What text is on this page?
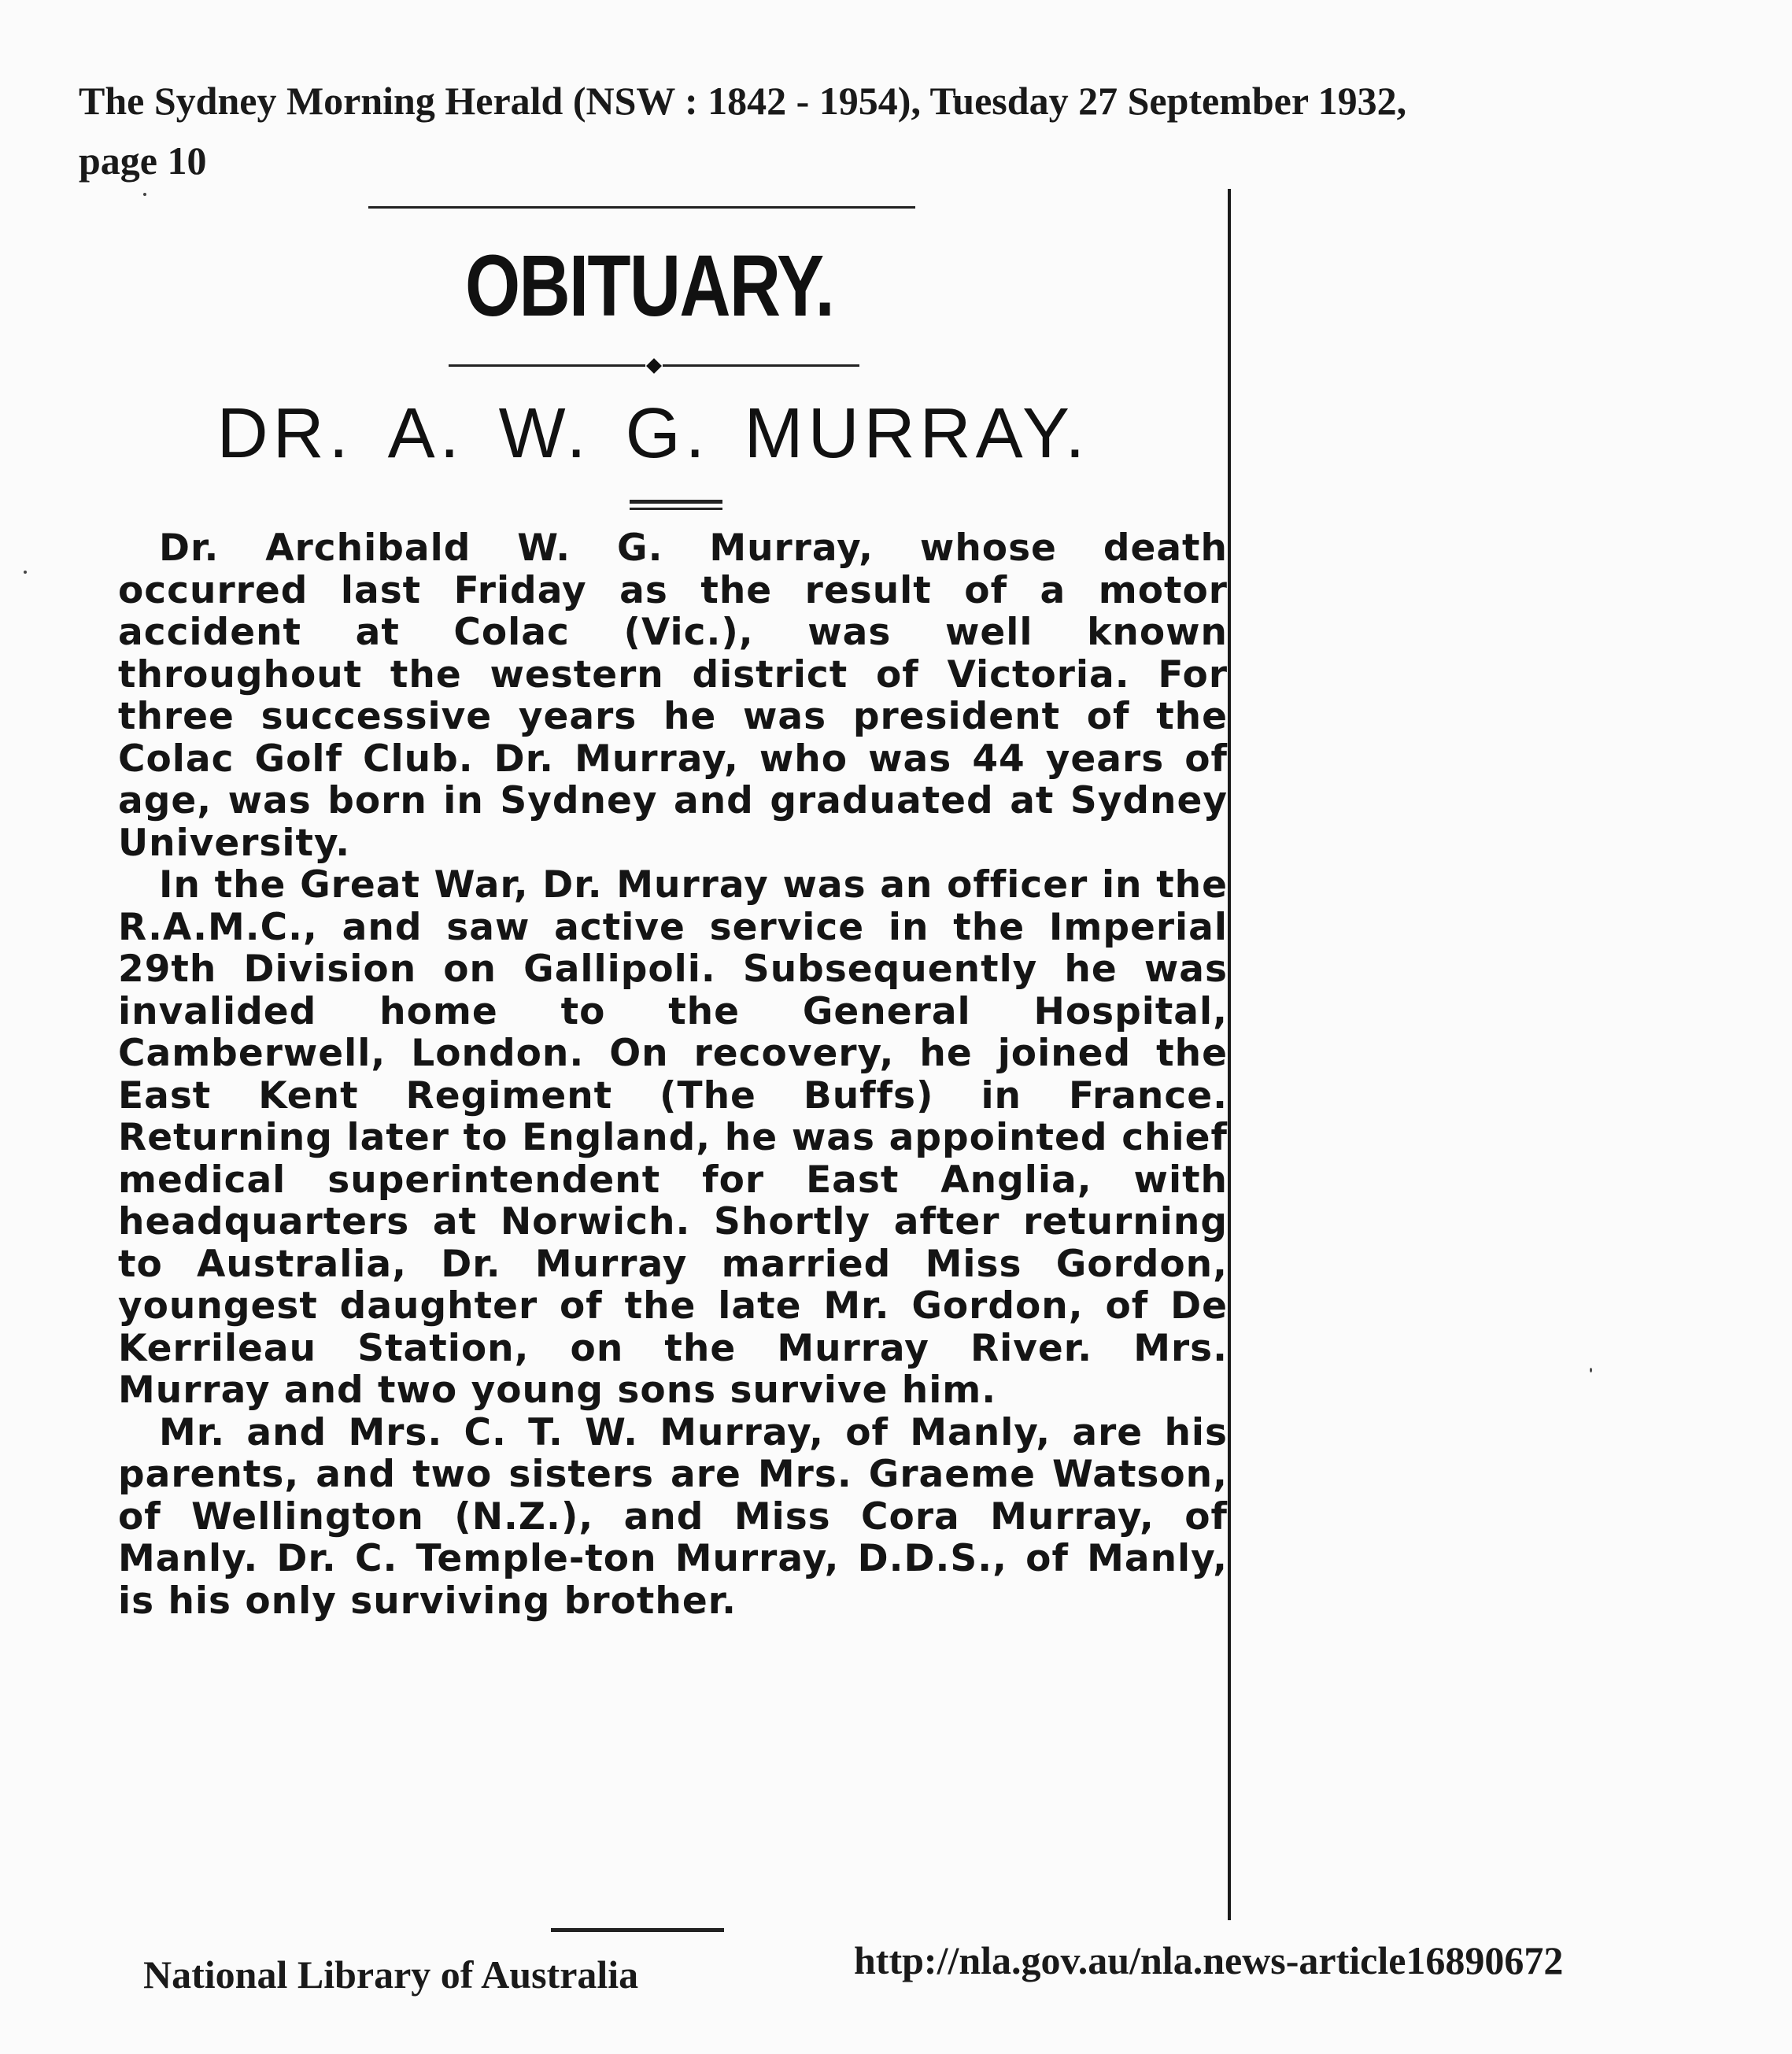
The Sydney Morning Herald (NSW : 1842 - 1954), Tuesday 27 September 1932,
page 10
OBITUARY.
DR. A. W. G. MURRAY.

Dr. Archibald W. G. Murray, whose death occurred last Friday as the result of a motor accident at Colac (Vic.), was well known throughout the western district of Victoria. For three successive years he was president of the Colac Golf Club. Dr. Murray, who was 44 years of age, was born in Sydney and graduated at Sydney University.

In the Great War, Dr. Murray was an officer in the R.A.M.C., and saw active service in the Imperial 29th Division on Gallipoli. Subsequently he was invalided home to the General Hospital, Camberwell, London. On recovery, he joined the East Kent Regiment (The Buffs) in France. Returning later to England, he was appointed chief medical superintendent for East Anglia, with headquarters at Norwich. Shortly after returning to Australia, Dr. Murray married Miss Gordon, youngest daughter of the late Mr. Gordon, of De Kerrileau Station, on the Murray River. Mrs. Murray and two young sons survive him.

Mr. and Mrs. C. T. W. Murray, of Manly, are his parents, and two sisters are Mrs. Graeme Watson, of Wellington (N.Z.), and Miss Cora Murray, of Manly. Dr. C. Temple-ton Murray, D.D.S., of Manly, is his only surviving brother.

National Library of Australia	http://nla.gov.au/nla.news-article16890672
